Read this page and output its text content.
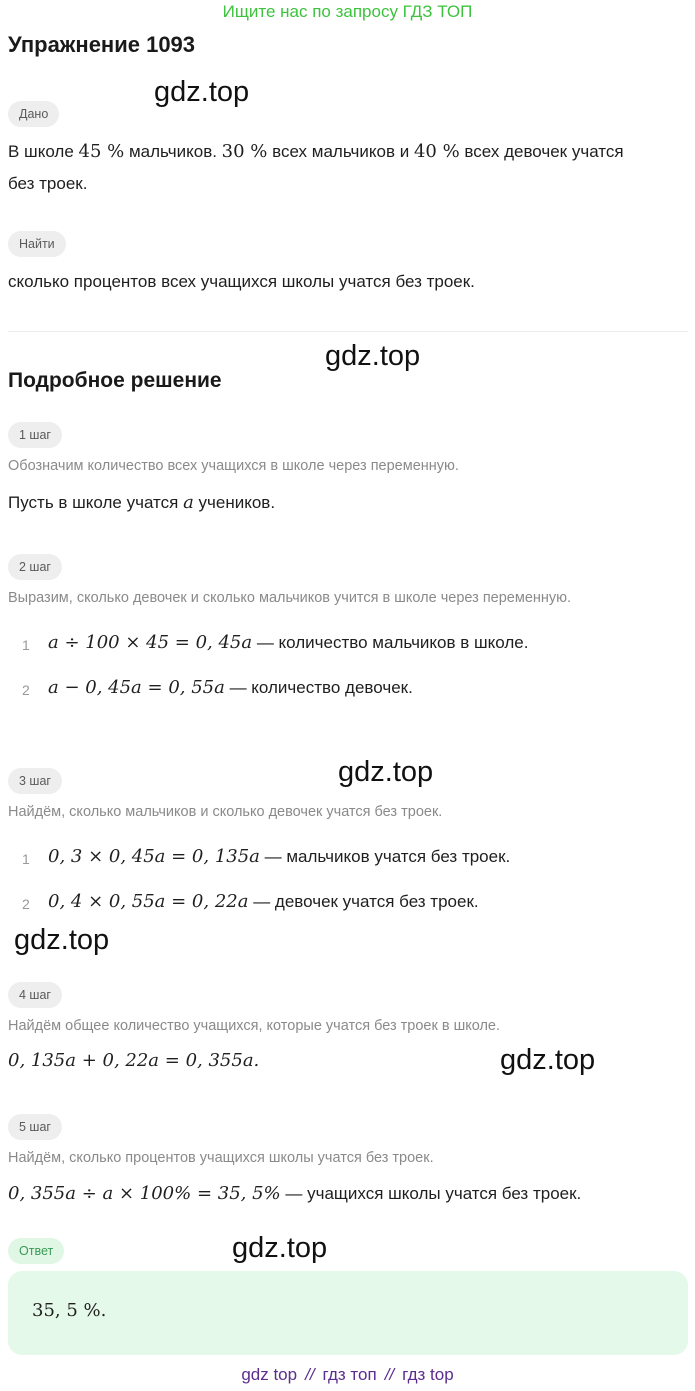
Ищите нас по запросу ГДЗ ТОП
Упражнение 1093
gdz.top
gdz.top
gdz.top
gdz.top
gdz.top
gdz.top
Дано
В школе 45 % мальчиков. 30 % всех мальчиков и 40 % всех девочек учатся
без троек.
Найти
сколько процентов всех учащихся школы учатся без троек.
Подробное решение
1 шаг
Обозначим количество всех учащихся в школе через переменную.
Пусть в школе учатся a учеников.
2 шаг
Выразим, сколько девочек и сколько мальчиков учится в школе через переменную.
1 a ÷ 100 × 45 = 0, 45a — количество мальчиков в школе.
2 a − 0, 45a = 0, 55a — количество девочек.
3 шаг
Найдём, сколько мальчиков и сколько девочек учатся без троек.
1 0, 3 × 0, 45a = 0, 135a — мальчиков учатся без троек.
2 0, 4 × 0, 55a = 0, 22a — девочек учатся без троек.
4 шаг
Найдём общее количество учащихся, которые учатся без троек в школе.
0, 135a + 0, 22a = 0, 355a.
5 шаг
Найдём, сколько процентов учащихся школы учатся без троек.
0, 355a ÷ a × 100% = 35, 5% — учащихся школы учатся без троек.
Ответ
35, 5 %.
gdz top // гдз топ // гдз top
